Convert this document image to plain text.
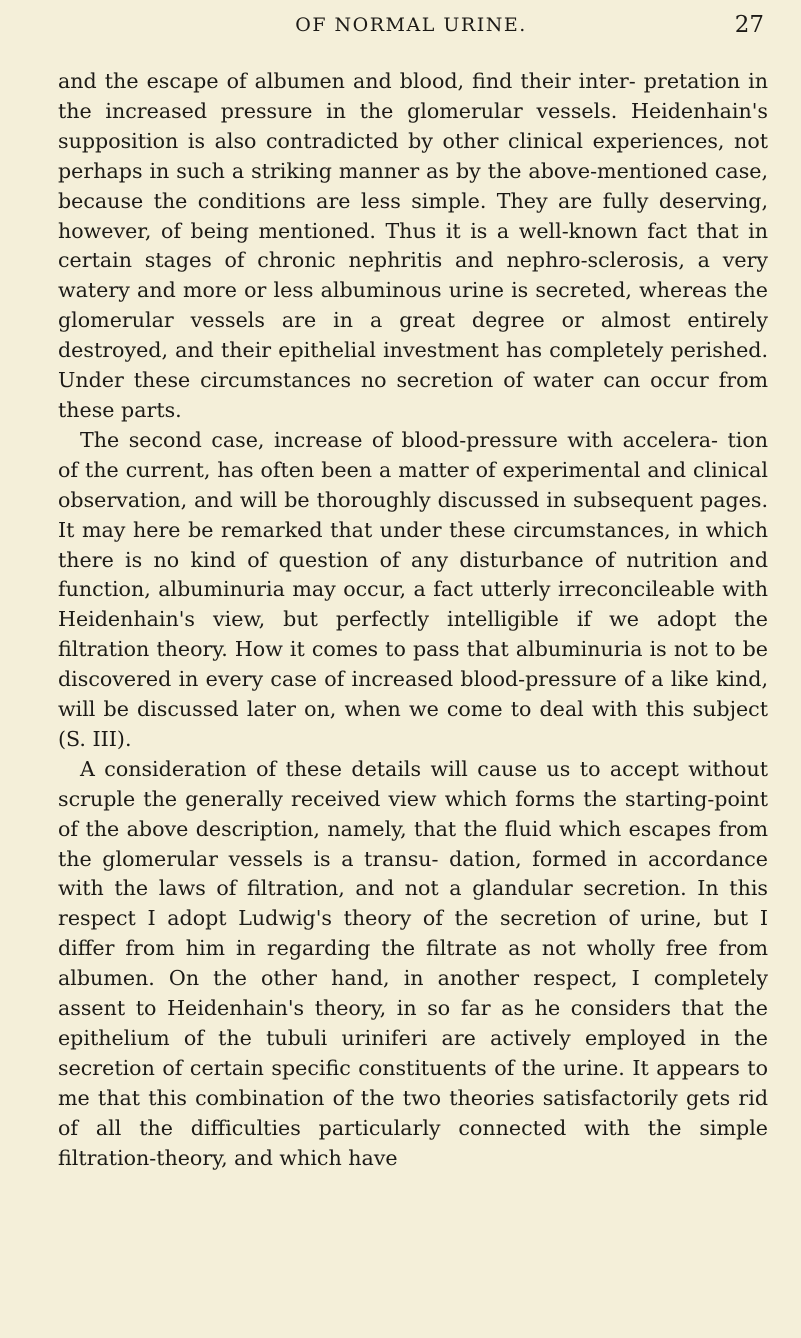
OF NORMAL URINE.	27

and the escape of albumen and blood, find their inter- pretation in the increased pressure in the glomerular vessels. Heidenhain's supposition is also contradicted by other clinical experiences, not perhaps in such a striking manner as by the above-mentioned case, because the conditions are less simple. They are fully deserving, however, of being mentioned. Thus it is a well-known fact that in certain stages of chronic nephritis and nephro-sclerosis, a very watery and more or less albuminous urine is secreted, whereas the glomerular vessels are in a great degree or almost entirely destroyed, and their epithelial investment has completely perished. Under these circumstances no secretion of water can occur from these parts.

The second case, increase of blood-pressure with accelera- tion of the current, has often been a matter of experimental and clinical observation, and will be thoroughly discussed in subsequent pages. It may here be remarked that under these circumstances, in which there is no kind of question of any disturbance of nutrition and function, albuminuria may occur, a fact utterly irreconcileable with Heidenhain's view, but perfectly intelligible if we adopt the filtration theory. How it comes to pass that albuminuria is not to be discovered in every case of increased blood-pressure of a like kind, will be discussed later on, when we come to deal with this subject (S. III).

A consideration of these details will cause us to accept without scruple the generally received view which forms the starting-point of the above description, namely, that the fluid which escapes from the glomerular vessels is a transu- dation, formed in accordance with the laws of filtration, and not a glandular secretion. In this respect I adopt Ludwig's theory of the secretion of urine, but I differ from him in regarding the filtrate as not wholly free from albumen. On the other hand, in another respect, I completely assent to Heidenhain's theory, in so far as he considers that the epithelium of the tubuli uriniferi are actively employed in the secretion of certain specific constituents of the urine. It appears to me that this combination of the two theories satisfactorily gets rid of all the difficulties particularly connected with the simple filtration-theory, and which have
